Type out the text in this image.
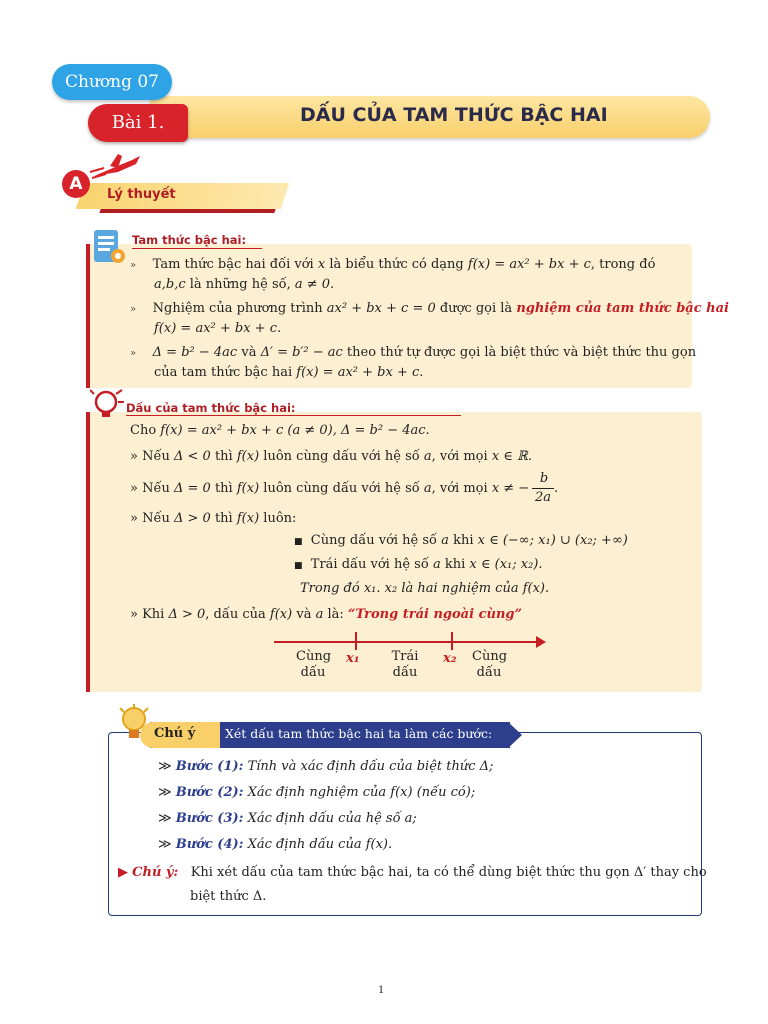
DẤU CỦA TAM THỨC BẬC HAI
Chương 07
Bài 1.
A
Lý thuyết
Tam thức bậc hai:
» Tam thức bậc hai đối với x là biểu thức có dạng f(x) = ax² + bx + c, trong đó
a,b,c là những hệ số, a ≠ 0.
» Nghiệm của phương trình ax² + bx + c = 0 được gọi là nghiệm của tam thức bậc hai
f(x) = ax² + bx + c.
» Δ = b² − 4ac và Δ′ = b′² − ac theo thứ tự được gọi là biệt thức và biệt thức thu gọn
của tam thức bậc hai f(x) = ax² + bx + c.
Dấu của tam thức bậc hai:
Cho f(x) = ax² + bx + c (a ≠ 0), Δ = b² − 4ac.
» Nếu Δ < 0 thì f(x) luôn cùng dấu với hệ số a, với mọi x ∈ ℝ.
» Nếu Δ = 0 thì f(x) luôn cùng dấu với hệ số a, với mọi x ≠ −
b
2a
.
» Nếu Δ > 0 thì f(x) luôn:
■ Cùng dấu với hệ số a khi x ∈ (−∞; x₁) ∪ (x₂; +∞)
■ Trái dấu với hệ số a khi x ∈ (x₁; x₂).
Trong đó x₁. x₂ là hai nghiệm của f(x).
» Khi Δ > 0, dấu của f(x) và a là: “Trong trái ngoài cùng”
Cùng
dấu
x₁ Trái
dấu
x₂ Cùng
dấu
Chú ý Xét dấu tam thức bậc hai ta làm các bước:
≫ Bước (1): Tính và xác định dấu của biệt thức Δ;
≫ Bước (2): Xác định nghiệm của f(x) (nếu có);
≫ Bước (3): Xác định dấu của hệ số a;
≫ Bước (4): Xác định dấu của f(x).
▶ Chú ý: Khi xét dấu của tam thức bậc hai, ta có thể dùng biệt thức thu gọn Δ′ thay cho
biệt thức Δ.
1
